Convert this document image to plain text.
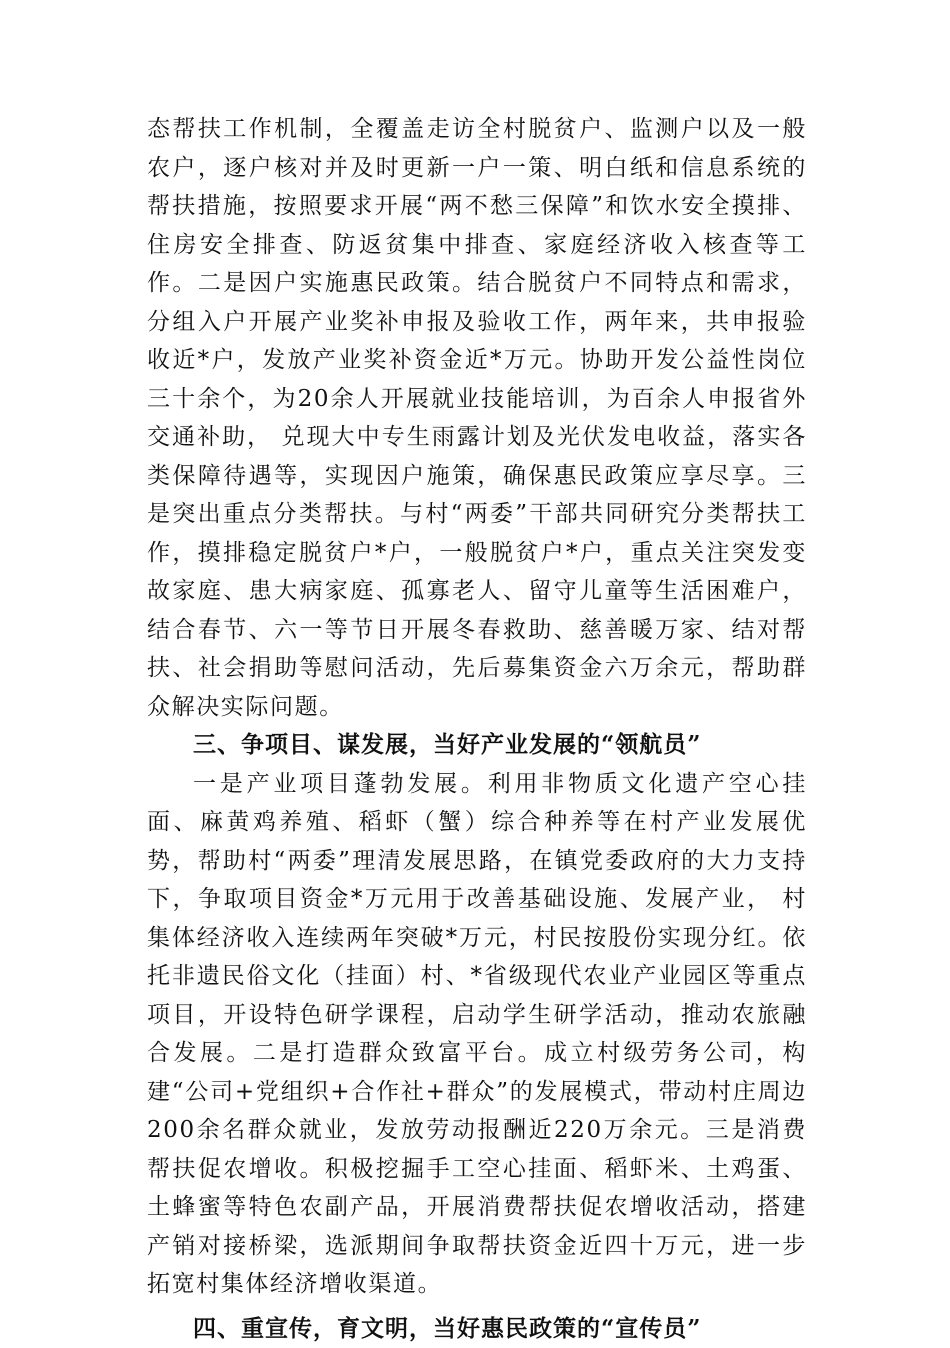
态帮扶工作机制，全覆盖走访全村脱贫户、监测户以及一般农户，逐户核对并及时更新一户一策、明白纸和信息系统的帮扶措施，按照要求开展“两不愁三保障”和饮水安全摸排、住房安全排查、防返贫集中排查、家庭经济收入核查等工作。二是因户实施惠民政策。结合脱贫户不同特点和需求，分组入户开展产业奖补申报及验收工作，两年来，共申报验收近*户，发放产业奖补资金近*万元。协助开发公益性岗位三十余个，为20余人开展就业技能培训，为百余人申报省外交通补助， 兑现大中专生雨露计划及光伏发电收益，落实各类保障待遇等，实现因户施策，确保惠民政策应享尽享。三是突出重点分类帮扶。与村“两委”干部共同研究分类帮扶工作，摸排稳定脱贫户*户，一般脱贫户*户，重点关注突发变故家庭、患大病家庭、孤寡老人、留守儿童等生活困难户，结合春节、六一等节日开展冬春救助、慈善暖万家、结对帮扶、社会捐助等慰问活动，先后募集资金六万余元，帮助群众解决实际问题。

三、争项目、谋发展，当好产业发展的“领航员”

一是产业项目蓬勃发展。利用非物质文化遗产空心挂面、麻黄鸡养殖、稻虾（蟹）综合种养等在村产业发展优势，帮助村“两委”理清发展思路，在镇党委政府的大力支持下，争取项目资金*万元用于改善基础设施、发展产业， 村集体经济收入连续两年突破*万元，村民按股份实现分红。依托非遗民俗文化（挂面）村、*省级现代农业产业园区等重点项目，开设特色研学课程，启动学生研学活动，推动农旅融合发展。二是打造群众致富平台。成立村级劳务公司，构建“公司+党组织+合作社+群众”的发展模式，带动村庄周边200余名群众就业，发放劳动报酬近220万余元。三是消费帮扶促农增收。积极挖掘手工空心挂面、稻虾米、土鸡蛋、土蜂蜜等特色农副产品，开展消费帮扶促农增收活动，搭建产销对接桥梁，选派期间争取帮扶资金近四十万元，进一步拓宽村集体经济增收渠道。

四、重宣传，育文明，当好惠民政策的“宣传员”
